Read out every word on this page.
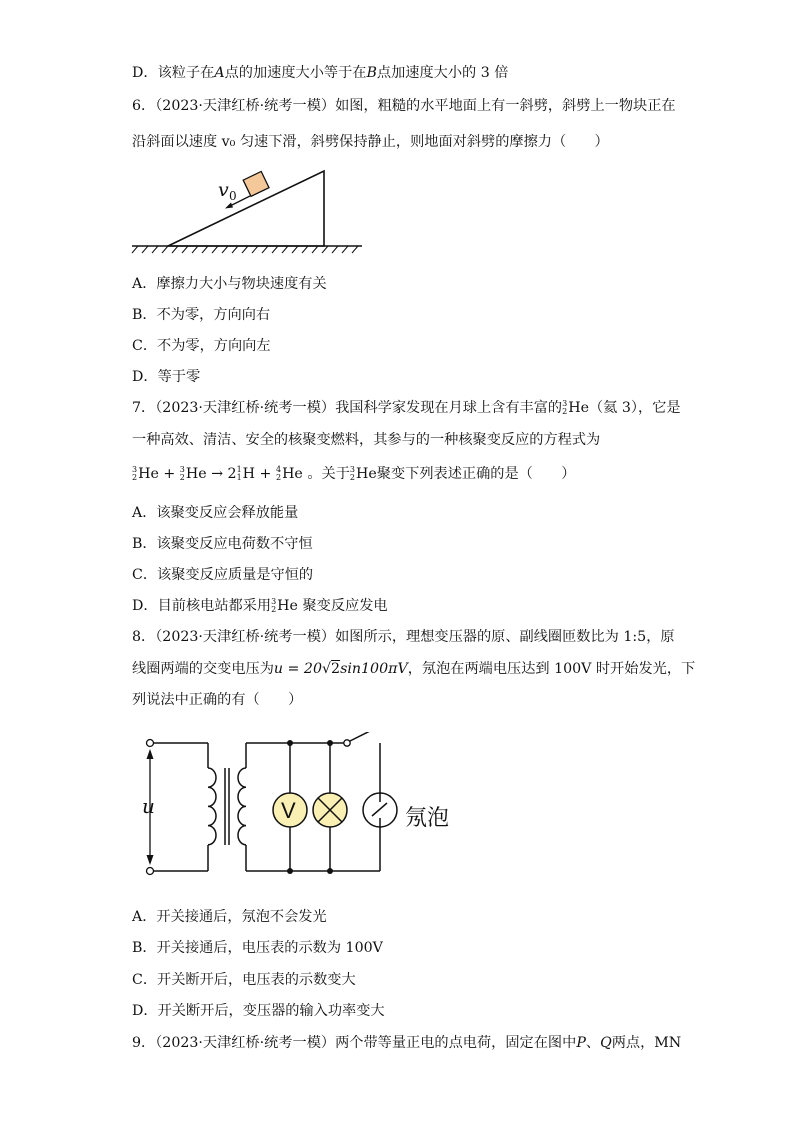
D．该粒子在A点的加速度大小等于在B点加速度大小的 3 倍
6．（2023·天津红桥·统考一模）如图，粗糙的水平地面上有一斜劈，斜劈上一物块正在
沿斜面以速度 v₀ 匀速下滑，斜劈保持静止，则地面对斜劈的摩擦力（　　）
v 0
A．摩擦力大小与物块速度有关
B．不为零，方向向右
C．不为零，方向向左
D．等于零
7．（2023·天津红桥·统考一模）我国科学家发现在月球上含有丰富的 3
2 He（氦 3），它是
一种高效、清洁、安全的核聚变燃料，其参与的一种核聚变反应的方程式为
3
2 He + 3
2 He → 2 1
1 H + 4
2 He 。关于 3
2 He聚变下列表述正确的是（　　）
A．该聚变反应会释放能量
B．该聚变反应电荷数不守恒
C．该聚变反应质量是守恒的
D．目前核电站都采用 3
2 He 聚变反应发电
8．（2023·天津红桥·统考一模）如图所示，理想变压器的原、副线圈匝数比为 1:5，原
线圈两端的交变电压为u = 20√2sin100πV，氖泡在两端电压达到 100V 时开始发光，下
列说法中正确的有（　　）
u	V	氖泡
A．开关接通后，氖泡不会发光
B．开关接通后，电压表的示数为 100V
C．开关断开后，电压表的示数变大
D．开关断开后，变压器的输入功率变大
9．（2023·天津红桥·统考一模）两个带等量正电的点电荷，固定在图中P、Q两点，MN
